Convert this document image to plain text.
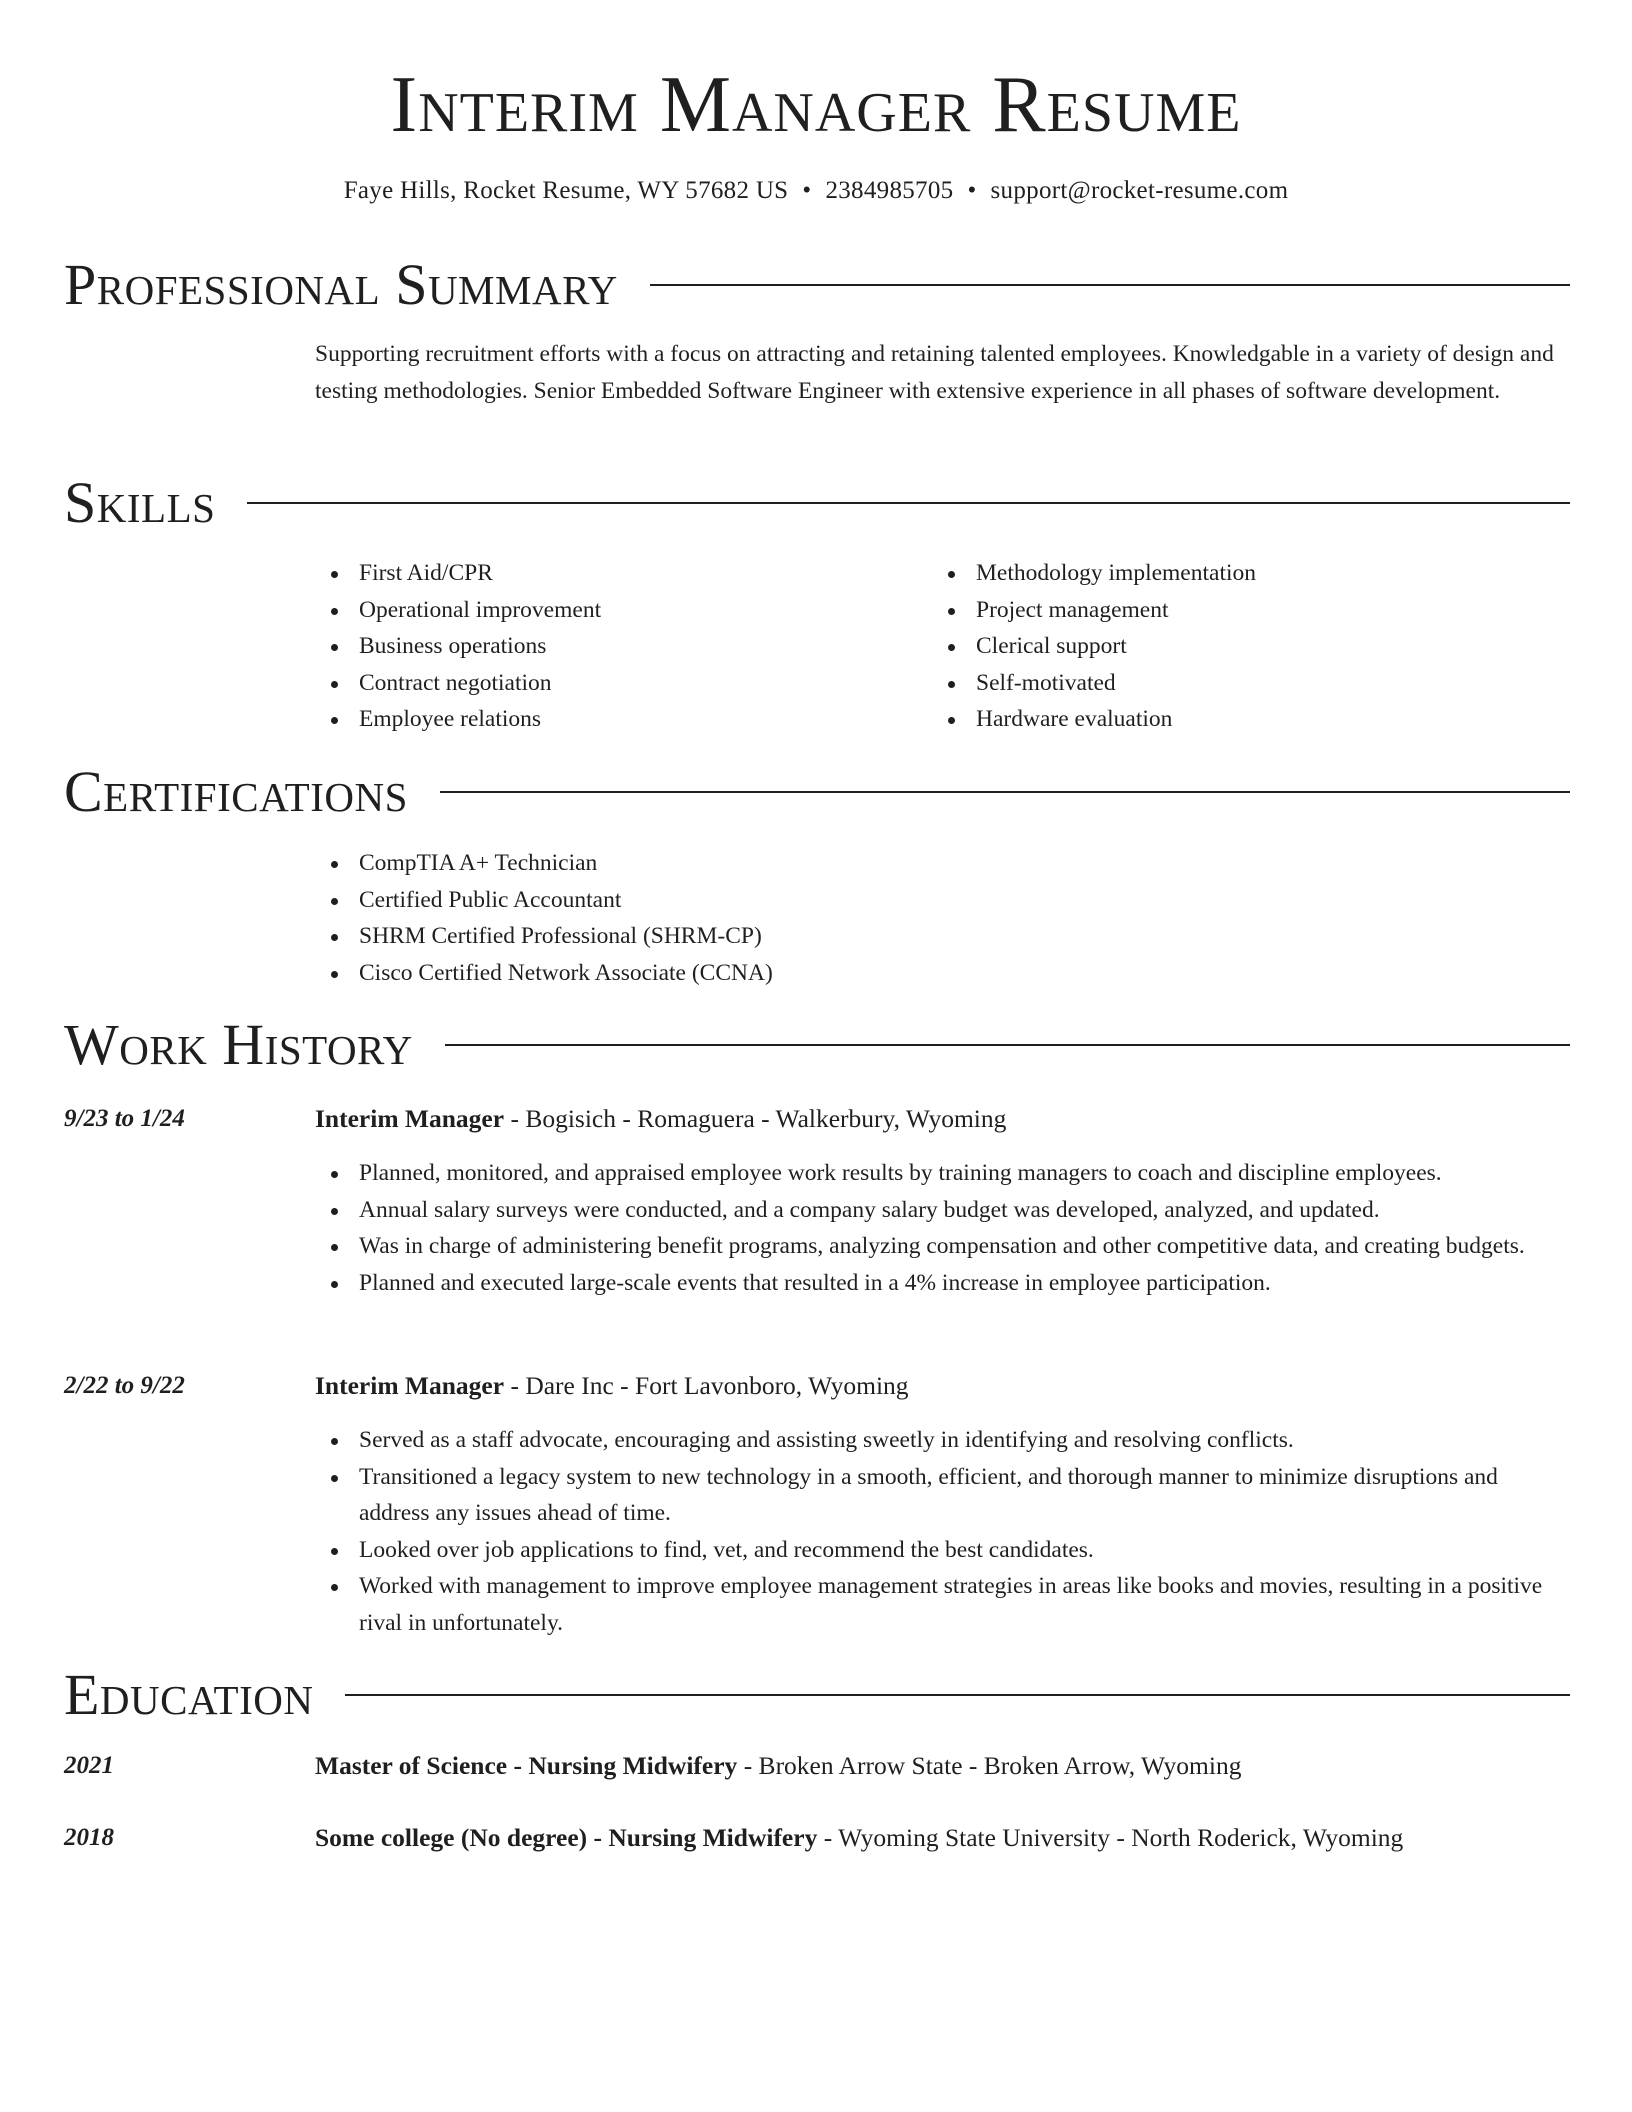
Interim Manager Resume
Faye Hills, Rocket Resume, WY 57682 US • 2384985705 • support@rocket-resume.com
Professional Summary

Supporting recruitment efforts with a focus on attracting and retaining talented employees. Knowledgable in a variety of design and testing methodologies. Senior Embedded Software Engineer with extensive experience in all phases of software development.

Skills
First Aid/CPR
Operational improvement
Business operations
Contract negotiation
Employee relations
Methodology implementation
Project management
Clerical support
Self-motivated
Hardware evaluation
Certifications
CompTIA A+ Technician
Certified Public Accountant
SHRM Certified Professional (SHRM-CP)
Cisco Certified Network Associate (CCNA)
Work History
9/23 to 1/24	Interim Manager - Bogisich - Romaguera - Walkerbury, Wyoming
Planned, monitored, and appraised employee work results by training managers to coach and discipline employees.
Annual salary surveys were conducted, and a company salary budget was developed, analyzed, and updated.
Was in charge of administering benefit programs, analyzing compensation and other competitive data, and creating budgets.
Planned and executed large-scale events that resulted in a 4% increase in employee participation.
2/22 to 9/22	Interim Manager - Dare Inc - Fort Lavonboro, Wyoming
Served as a staff advocate, encouraging and assisting sweetly in identifying and resolving conflicts.
Transitioned a legacy system to new technology in a smooth, efficient, and thorough manner to minimize disruptions and address any issues ahead of time.
Looked over job applications to find, vet, and recommend the best candidates.
Worked with management to improve employee management strategies in areas like books and movies, resulting in a positive rival in unfortunately.
Education
2021	Master of Science - Nursing Midwifery - Broken Arrow State - Broken Arrow, Wyoming
2018	Some college (No degree) - Nursing Midwifery - Wyoming State University - North Roderick, Wyoming
